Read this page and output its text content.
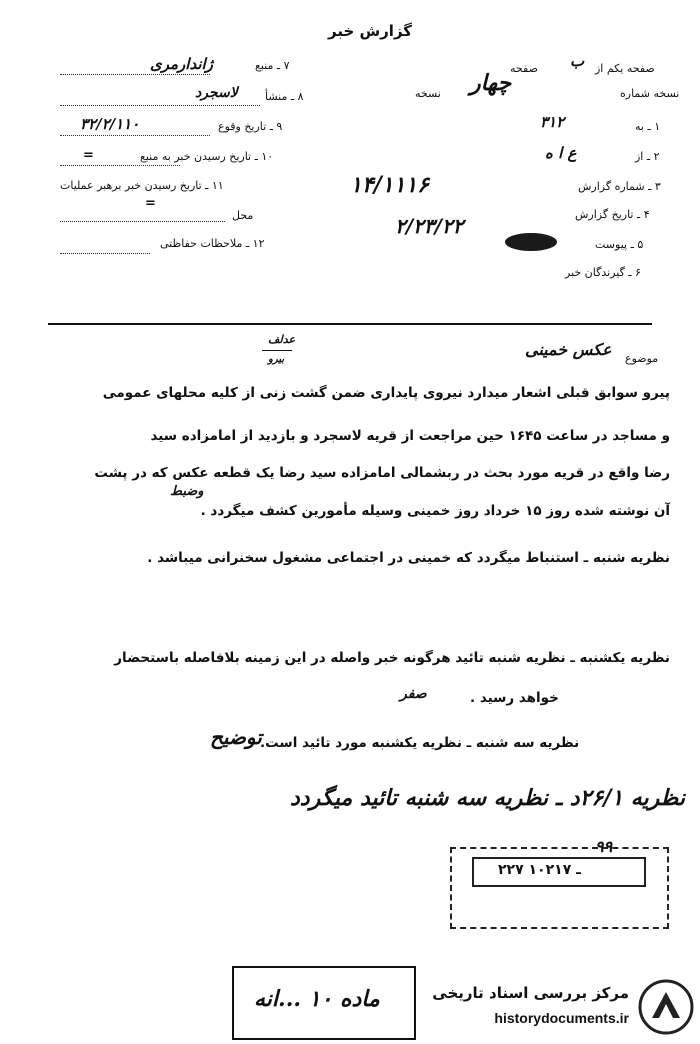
گزارش خبر
ژاندارمری	۷ ـ منبع
لاسجرد ۸ ـ منشأ
۳۲/۲/۱۱۰	۹ ـ تاریخ وقوع
=	۱۰ ـ تاریخ رسیدن خبر به منبع
۱۱ ـ تاریخ رسیدن خبر برهبر عملیات
=
محل
۱۲ ـ ملاحظات حفاظتی
صفحه ب صفحه یکم از
نسخه چهار	نسخه شماره
۳۱۲	۱ ـ به
ع ا ه	۲ ـ از
۱۴/۱۱۱۶	۳ ـ شماره گزارش
۲/۲۳/۲۲	۴ ـ تاریخ گزارش
۵ ـ پیوست
۶ ـ گیرندگان خبر
عدلف
بیرو
عکس خمینی موضوع
پیرو سوابق قبلی اشعار میدارد نیروی پایداری ضمن گشت زنی از کلیه محلهای عمومی
و مساجد در ساعت ۱۶۴۵ حین مراجعت از قریه لاسجرد و بازدید از امامزاده سید
رضا واقع در قریه مورد بحث در ربشمالی امامزاده سید رضا یک قطعه عکس که در پشت
وضبط
آن نوشته شده روز ۱۵ خرداد روز خمینی وسیله مأمورین کشف میگردد .
نظریه شنبه ـ استنباط میگردد که خمینی در اجتماعی مشغول سخنرانی میباشد .
نظریه یکشنبه ـ نظریه شنبه تائید هرگونه خبر واصله در این زمینه بلافاصله باستحضار
خواهد رسید .
صفر
نظریه سه شنبه ـ نظریه یکشنبه مورد تائید است.
توضیح
نظریه ۲۶/۱د ـ نظریه سه شنبه تائید میگردد
۲۲۷ ـ ۱۰۲۱۷
۹۹
ماده ۱۰ ...انه	مرکز بررسی اسناد تاریخی
historydocuments.ir
